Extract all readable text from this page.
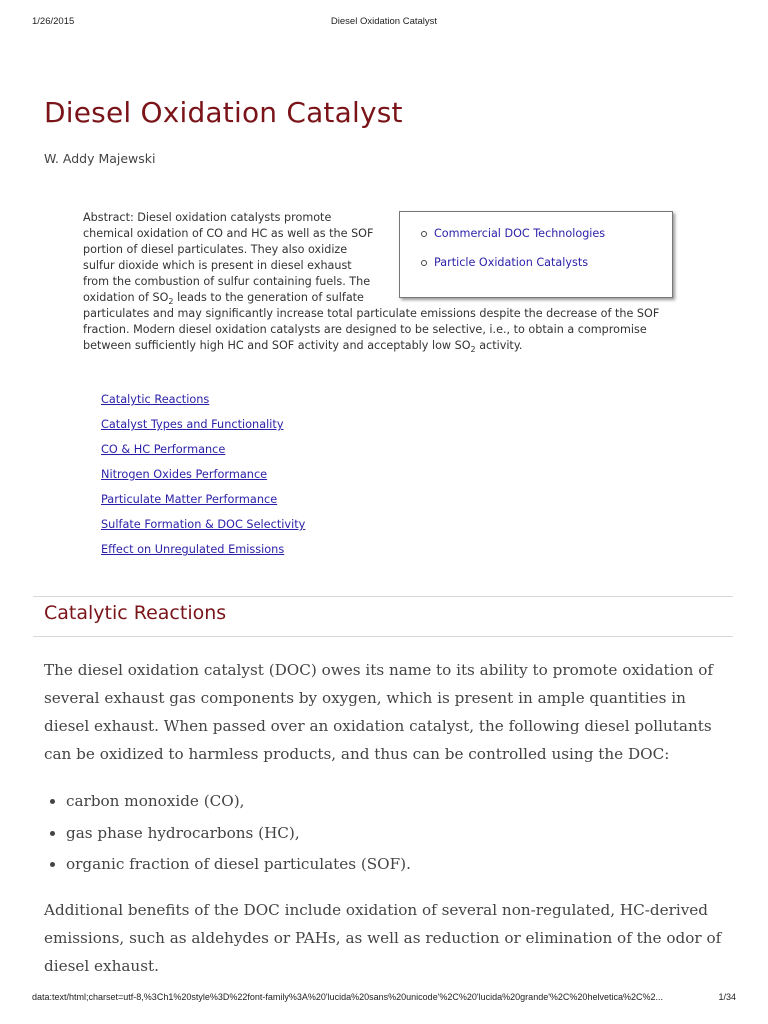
1/26/2015	Diesel Oxidation Catalyst
Diesel Oxidation Catalyst
W. Addy Majewski
Commercial DOC Technologies
Particle Oxidation Catalysts
Abstract: Diesel oxidation catalysts promote chemical oxidation of CO and HC as well as the SOF portion of diesel particulates. They also oxidize sulfur dioxide which is present in diesel exhaust from the combustion of sulfur containing fuels. The oxidation of $SO_2$ leads to the generation of sulfate particulates and may significantly increase total particulate emissions despite the decrease of the SOF fraction. Modern diesel oxidation catalysts are designed to be selective, i.e., to obtain a compromise between sufficiently high HC and SOF activity and acceptably low $SO_2$ activity.
Catalytic Reactions
Catalyst Types and Functionality
CO & HC Performance
Nitrogen Oxides Performance
Particulate Matter Performance
Sulfate Formation & DOC Selectivity
Effect on Unregulated Emissions
Catalytic Reactions

The diesel oxidation catalyst (DOC) owes its name to its ability to promote oxidation of several exhaust gas components by oxygen, which is present in ample quantities in diesel exhaust. When passed over an oxidation catalyst, the following diesel pollutants can be oxidized to harmless products, and thus can be controlled using the DOC:

• carbon monoxide (CO),
• gas phase hydrocarbons (HC),
• organic fraction of diesel particulates (SOF).

Additional benefits of the DOC include oxidation of several non-regulated, HC-derived emissions, such as aldehydes or PAHs, as well as reduction or elimination of the odor of diesel exhaust.

data:text/html;charset=utf-8,%3Ch1%20style%3D%22font-family%3A%20'lucida%20sans%20unicode'%2C%20'lucida%20grande'%2C%20helvetica%2C%2...	1/34
